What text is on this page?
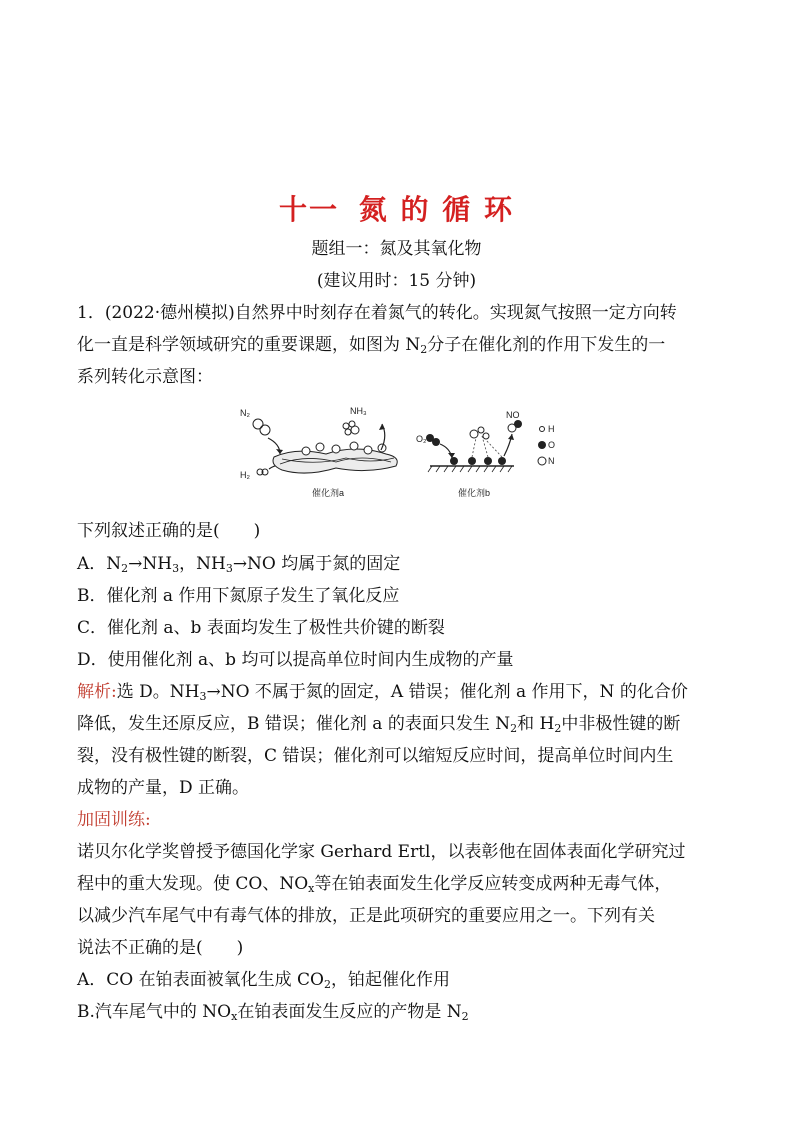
十一 氮 的 循 环
题组一：氮及其氧化物
(建议用时：15 分钟)
1．(2022·德州模拟)自然界中时刻存在着氮气的转化。实现氮气按照一定方向转
化一直是科学领域研究的重要课题，如图为 $N_2$分子在催化剂的作用下发生的一
系列转化示意图：
N₂
H₂
NH₃
催化剂a
O₂
NO
H
O
N
催化剂b
下列叙述正确的是(　　)
A．$N_2\to NH_3$，$NH_3\to NO$ 均属于氮的固定
B．催化剂 a 作用下氮原子发生了氧化反应
C．催化剂 a、b 表面均发生了极性共价键的断裂
D．使用催化剂 a、b 均可以提高单位时间内生成物的产量
解析:选 D。$NH_3\to NO$ 不属于氮的固定，A 错误；催化剂 a 作用下，N 的化合价
降低，发生还原反应，B 错误；催化剂 a 的表面只发生 $N_2$和 $H_2$中非极性键的断
裂，没有极性键的断裂，C 错误；催化剂可以缩短反应时间，提高单位时间内生
成物的产量，D 正确。
加固训练:
诺贝尔化学奖曾授予德国化学家 Gerhard Ertl，以表彰他在固体表面化学研究过
程中的重大发现。使 CO、$NO_x$等在铂表面发生化学反应转变成两种无毒气体，
以减少汽车尾气中有毒气体的排放，正是此项研究的重要应用之一。下列有关
说法不正确的是(　　)
A．CO 在铂表面被氧化生成 $CO_2$，铂起催化作用
B.汽车尾气中的 $NO_x$在铂表面发生反应的产物是 $N_2$
